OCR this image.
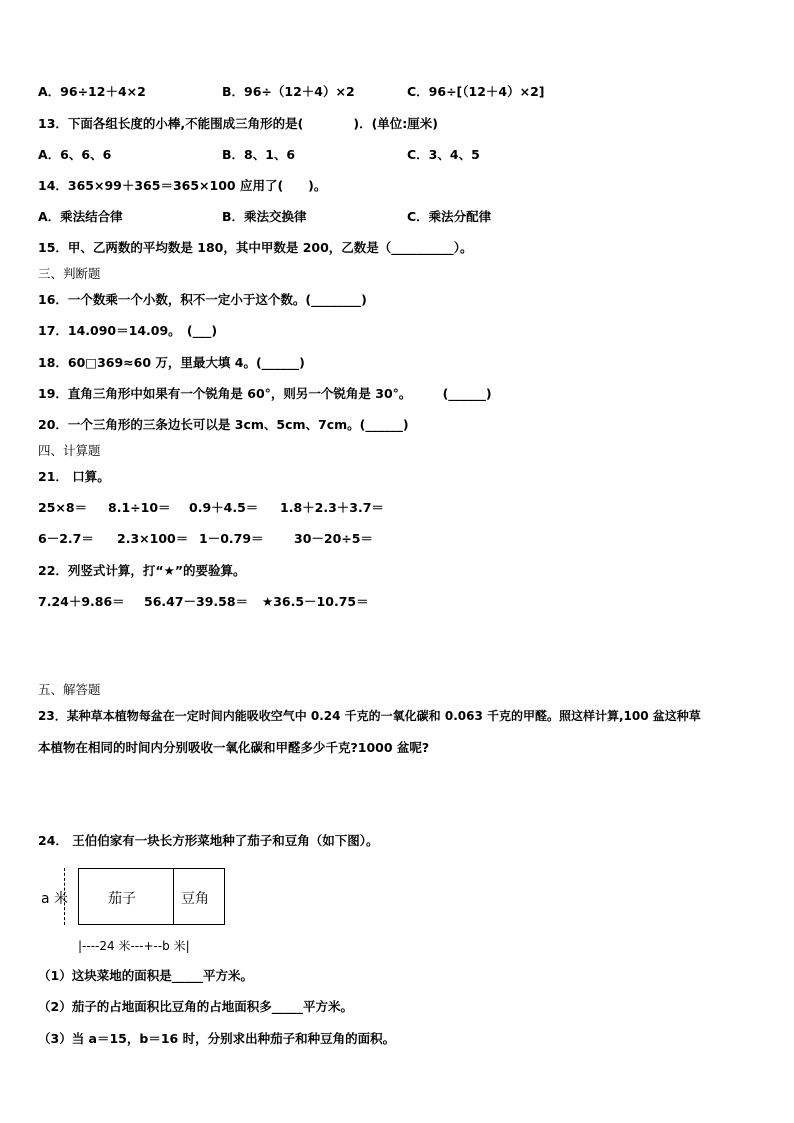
A．96÷12＋4×2	B．96÷（12＋4）×2	C．96÷[（12＋4）×2]
13．下面各组长度的小棒,不能围成三角形的是(　　　　)．(单位:厘米)
A．6、6、6	B．8、1、6	C．3、4、5
14．365×99＋365＝365×100 应用了(　　)。
A．乘法结合律	B．乘法交换律	C．乘法分配律
15．甲、乙两数的平均数是 180，其中甲数是 200，乙数是（__________）。
三、判断题
16．一个数乘一个小数，积不一定小于这个数。(________)
17．14.090＝14.09。　(___)
18．60□369≈60 万，里最大填 4。(______)
19．直角三角形中如果有一个锐角是 60°，则另一个锐角是 30°。　　　(______)
20．一个三角形的三条边长可以是 3cm、5cm、7cm。(______)
四、计算题
21． 口算。
25×8＝ 8.1÷10＝ 0.9＋4.5＝ 1.8＋2.3＋3.7＝
6－2.7＝ 2.3×100＝ 1－0.79＝ 30－20÷5＝
22．列竖式计算，打“★”的要验算。
7.24＋9.86＝ 56.47－39.58＝ ★36.5－10.75＝
五、解答题
23．某种草本植物每盆在一定时间内能吸收空气中 0.24 千克的一氧化碳和 0.063 千克的甲醛。照这样计算,100 盆这种草
本植物在相同的时间内分别吸收一氧化碳和甲醛多少千克?1000 盆呢?
24． 王伯伯家有一块长方形菜地种了茄子和豆角（如下图）。
a 米	茄子	豆角
|----24 米---+--b 米|
（1）这块菜地的面积是_____平方米。
（2）茄子的占地面积比豆角的占地面积多_____平方米。
（3）当 a＝15，b＝16 时，分别求出种茄子和种豆角的面积。
